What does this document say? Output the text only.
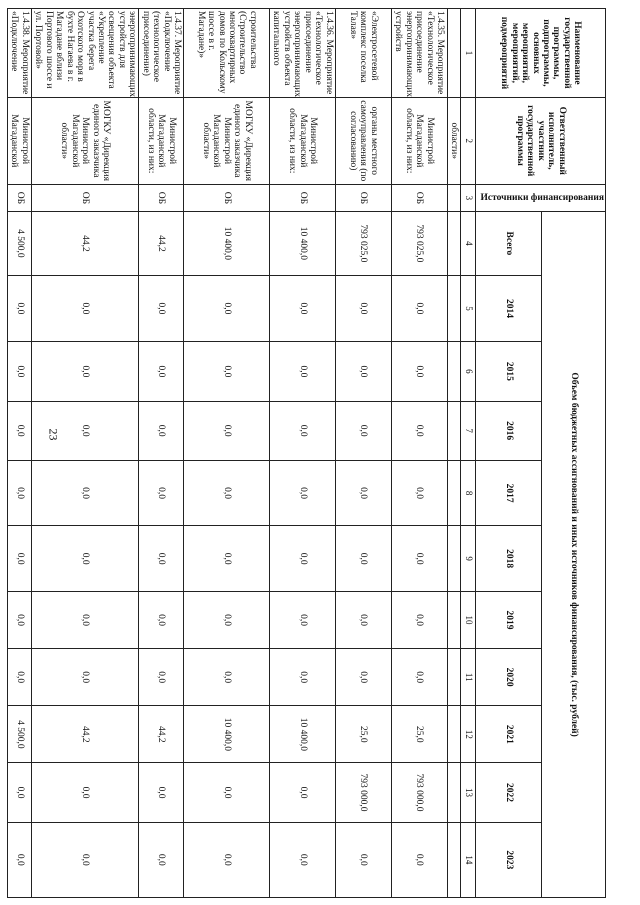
23
Наименование государственной программы, подпрограммы, основных мероприятий, мероприятий, подмероприятий	Ответственный исполнитель, участник государственной программы	Источники финансирования	Объем бюджетных ассигнований и иных источников финансирования, (тыс. рублей)										
			Всего	2014	2015	2016	2017	2018	2019	2020	2021	2022	2023
1	2	3	4	5	6	7	8	9	10	11	12	13	14
	области»												
1.4.35. Мероприятие «Технологическое присоединение энергопринимающих устройств	Министрой Магаданской области, из них:	ОБ	793 025,0	0,0	0,0	0,0	0,0	0,0	0,0	0,0	25,0	793 000,0	0,0
«Электросетевой комплекс поселка Талая»	органы местного самоуправления (по согласованию)	ОБ	793 025,0	0,0	0,0	0,0	0,0	0,0	0,0	0,0	25,0	793 000,0	0,0
1.4.36. Мероприятие «Технологическое присоединение энергопринимающих устройств объекта капитального	Министрой Магаданской области, из них:	ОБ	10 400,0	0,0	0,0	0,0	0,0	0,0	0,0	0,0	10 400,0	0,0	0,0
строительства (Строительство многоквартирных домов по Кольскому шоссе в г. Магадане)»	МОГКУ «Дирекция единого заказчика Министрой Магаданской области»	ОБ	10 400,0	0,0	0,0	0,0	0,0	0,0	0,0	0,0	10 400,0	0,0	0,0
1.4.37. Мероприятие «Подключение (технологическое присоединение)	Министрой Магаданской области, из них:	ОБ	44,2	0,0	0,0	0,0	0,0	0,0	0,0	0,0	44,2	0,0	0,0
энергопринимающих устройств для освещения объекта «Укрепление участка берега Охотского моря в бухте Нагаева в г. Магадане вблизи Портового шоссе и ул. Портовой»	МОГКУ «Дирекция единого заказчика Министрой Магаданской области»	ОБ	44,2	0,0	0,0	0,0	0,0	0,0	0,0	0,0	44,2	0,0	0,0
1.4.38. Мероприятие «Подключение	Министрой Магаданской	ОБ	4 500,0	0,0	0,0	0,0	0,0	0,0	0,0	0,0	4 500,0	0,0	0,0
